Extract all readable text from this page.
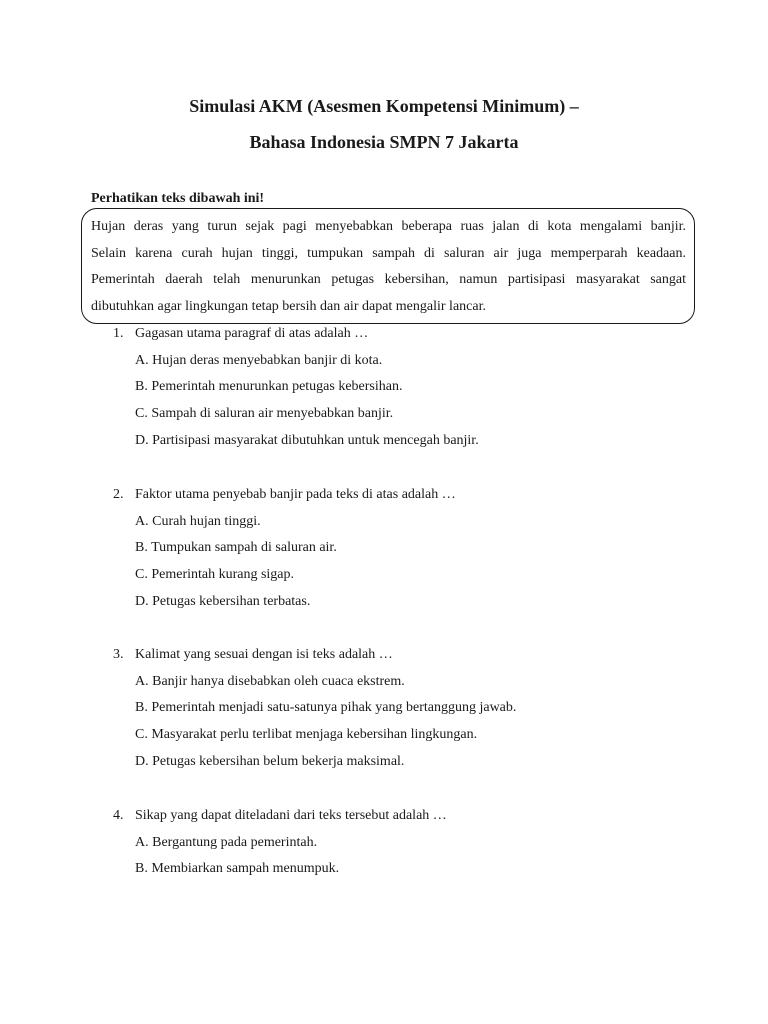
Simulasi AKM (Asesmen Kompetensi Minimum) –
Bahasa Indonesia SMPN 7 Jakarta
Perhatikan teks dibawah ini!
Hujan deras yang turun sejak pagi menyebabkan beberapa ruas jalan di kota mengalami banjir.
Selain karena curah hujan tinggi, tumpukan sampah di saluran air juga memperparah keadaan.
Pemerintah daerah telah menurunkan petugas kebersihan, namun partisipasi masyarakat sangat
dibutuhkan agar lingkungan tetap bersih dan air dapat mengalir lancar.
1. Gagasan utama paragraf di atas adalah …
A. Hujan deras menyebabkan banjir di kota.
B. Pemerintah menurunkan petugas kebersihan.
C. Sampah di saluran air menyebabkan banjir.
D. Partisipasi masyarakat dibutuhkan untuk mencegah banjir.
2. Faktor utama penyebab banjir pada teks di atas adalah …
A. Curah hujan tinggi.
B. Tumpukan sampah di saluran air.
C. Pemerintah kurang sigap.
D. Petugas kebersihan terbatas.
3. Kalimat yang sesuai dengan isi teks adalah …
A. Banjir hanya disebabkan oleh cuaca ekstrem.
B. Pemerintah menjadi satu-satunya pihak yang bertanggung jawab.
C. Masyarakat perlu terlibat menjaga kebersihan lingkungan.
D. Petugas kebersihan belum bekerja maksimal.
4. Sikap yang dapat diteladani dari teks tersebut adalah …
A. Bergantung pada pemerintah.
B. Membiarkan sampah menumpuk.
